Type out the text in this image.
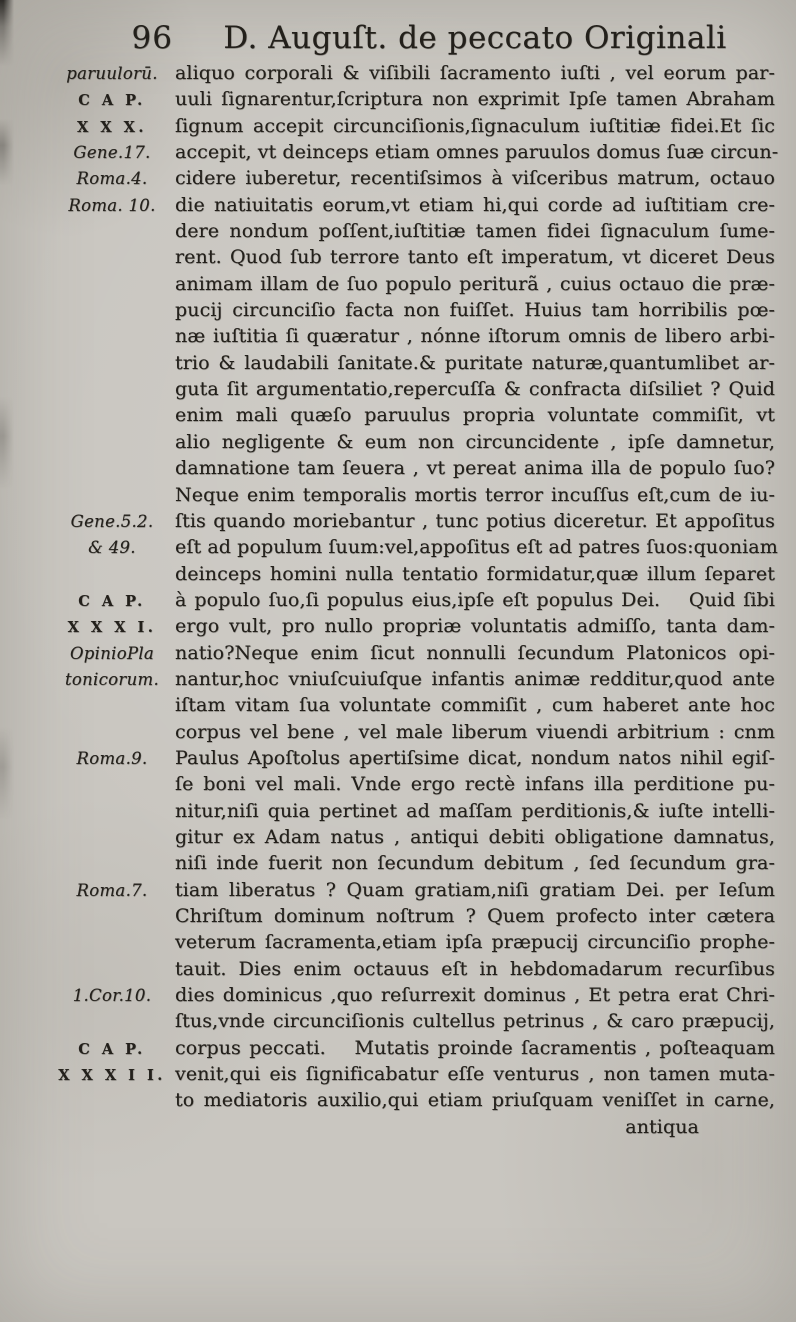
96	D. Auguſt. de peccato Originali
paruulorū. aliquo corporali & viſibili ſacramento iuſti , vel eorum par-
C A P.	uuli ſignarentur,ſcriptura non exprimit Ipſe tamen Abraham
X X X.	ſignum accepit circunciſionis,ſignaculum iuſtitiæ fidei.Et ſic
Gene.17.	accepit, vt deinceps etiam omnes paruulos domus ſuæ circun-
Roma.4.	cidere iuberetur, recentiſsimos à viſceribus matrum, octauo
Roma. 10.	die natiuitatis eorum,vt etiam hi,qui corde ad iuſtitiam cre-
dere nondum poſſent,iuſtitiæ tamen fidei ſignaculum ſume-
rent. Quod ſub terrore tanto eſt imperatum, vt diceret Deus
animam illam de ſuo populo periturã , cuius octauo die præ-
pucij circunciſio facta non fuiſſet. Huius tam horribilis pœ-
næ iuſtitia ſi quæratur , nónne iſtorum omnis de libero arbi-
trio & laudabili ſanitate.& puritate naturæ,quantumlibet ar-
guta ſit argumentatio,repercuſſa & confracta diſsiliet ? Quid
enim mali quæſo paruulus propria voluntate commiſit, vt
alio negligente & eum non circuncidente , ipſe damnetur,
damnatione tam ſeuera , vt pereat anima illa de populo ſuo?
Neque enim temporalis mortis terror incuſſus eſt,cum de iu-
Gene.5.2.	ſtis quando moriebantur , tunc potius diceretur. Et appoſitus
& 49.	eſt ad populum ſuum:vel,appoſitus eſt ad patres ſuos:quoniam
deinceps homini nulla tentatio formidatur,quæ illum ſeparet
C A P.	à populo ſuo,ſi populus eius,ipſe eſt populus Dei.  Quid ſibi
X X X I. ergo vult, pro nullo propriæ voluntatis admiſſo, tanta dam-
OpinioPla	natio?Neque enim ſicut nonnulli ſecundum Platonicos opi-
tonicorum. nantur,hoc vniuſcuiuſque infantis animæ redditur,quod ante
iſtam vitam ſua voluntate commiſit , cum haberet ante hoc
corpus vel bene , vel male liberum viuendi arbitrium : cnm
Roma.9.	Paulus Apoſtolus apertiſsime dicat, nondum natos nihil egiſ-
ſe boni vel mali. Vnde ergo rectè infans illa perditione pu-
nitur,niſi quia pertinet ad maſſam perditionis,& iuſte intelli-
gitur ex Adam natus , antiqui debiti obligatione damnatus,
niſi inde fuerit non ſecundum debitum , ſed ſecundum gra-
Roma.7.	tiam liberatus ? Quam gratiam,niſi gratiam Dei. per Ieſum
Chriſtum dominum noſtrum ? Quem profecto inter cætera
veterum ſacramenta,etiam ipſa præpucij circunciſio prophe-
tauit. Dies enim octauus eſt in hebdomadarum recurſibus
1.Cor.10.	dies dominicus ,quo reſurrexit dominus , Et petra erat Chri-
ſtus,vnde circunciſionis cultellus petrinus , & caro præpucij,
C A P.	corpus peccati.  Mutatis proinde ſacramentis , poſteaquam
X X X I I. venit,qui eis ſignificabatur eſſe venturus , non tamen muta-
to mediatoris auxilio,qui etiam priuſquam veniſſet in carne,
antiqua
